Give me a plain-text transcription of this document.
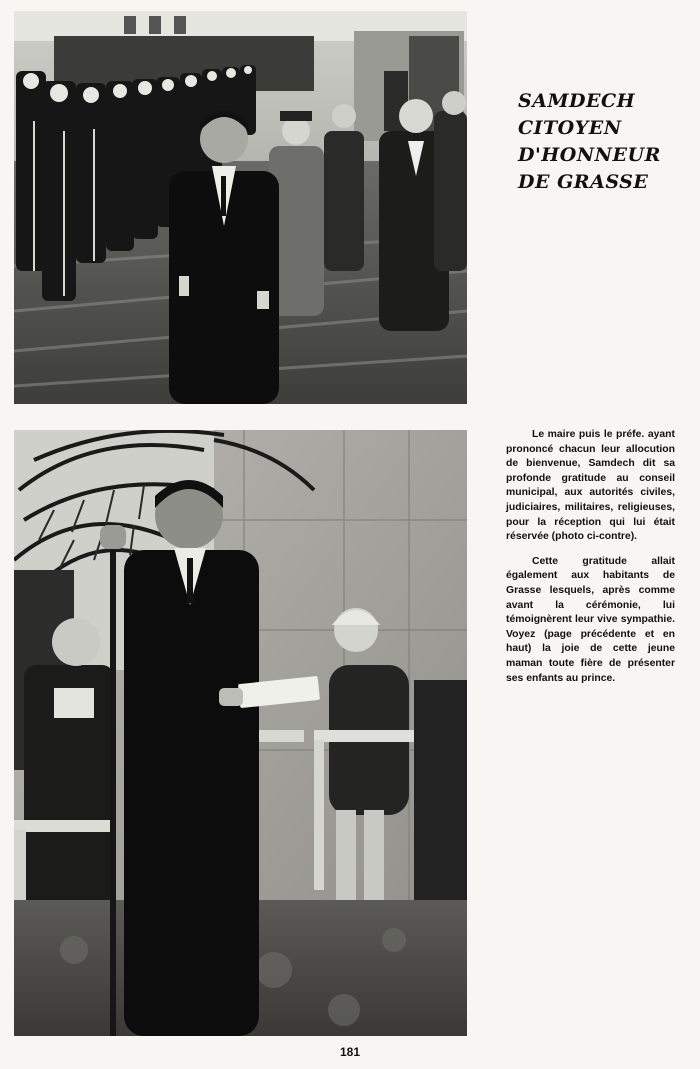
SAMDECH
CITOYEN
D'HONNEUR
DE GRASSE

Le maire puis le préfe. ayant prononcé chacun leur allocution de bienvenue, Samdech dit sa profonde gratitude au conseil municipal, aux autorités civiles, judiciaires, militaires, religieuses, pour la réception qui lui était réservée (photo ci-contre).

Cette gratitude allait également aux habitants de Grasse lesquels, après comme avant la cérémonie, lui témoignèrent leur vive sympathie. Voyez (page précédente et en haut) la joie de cette jeune maman toute fière de présenter ses enfants au prince.

181
